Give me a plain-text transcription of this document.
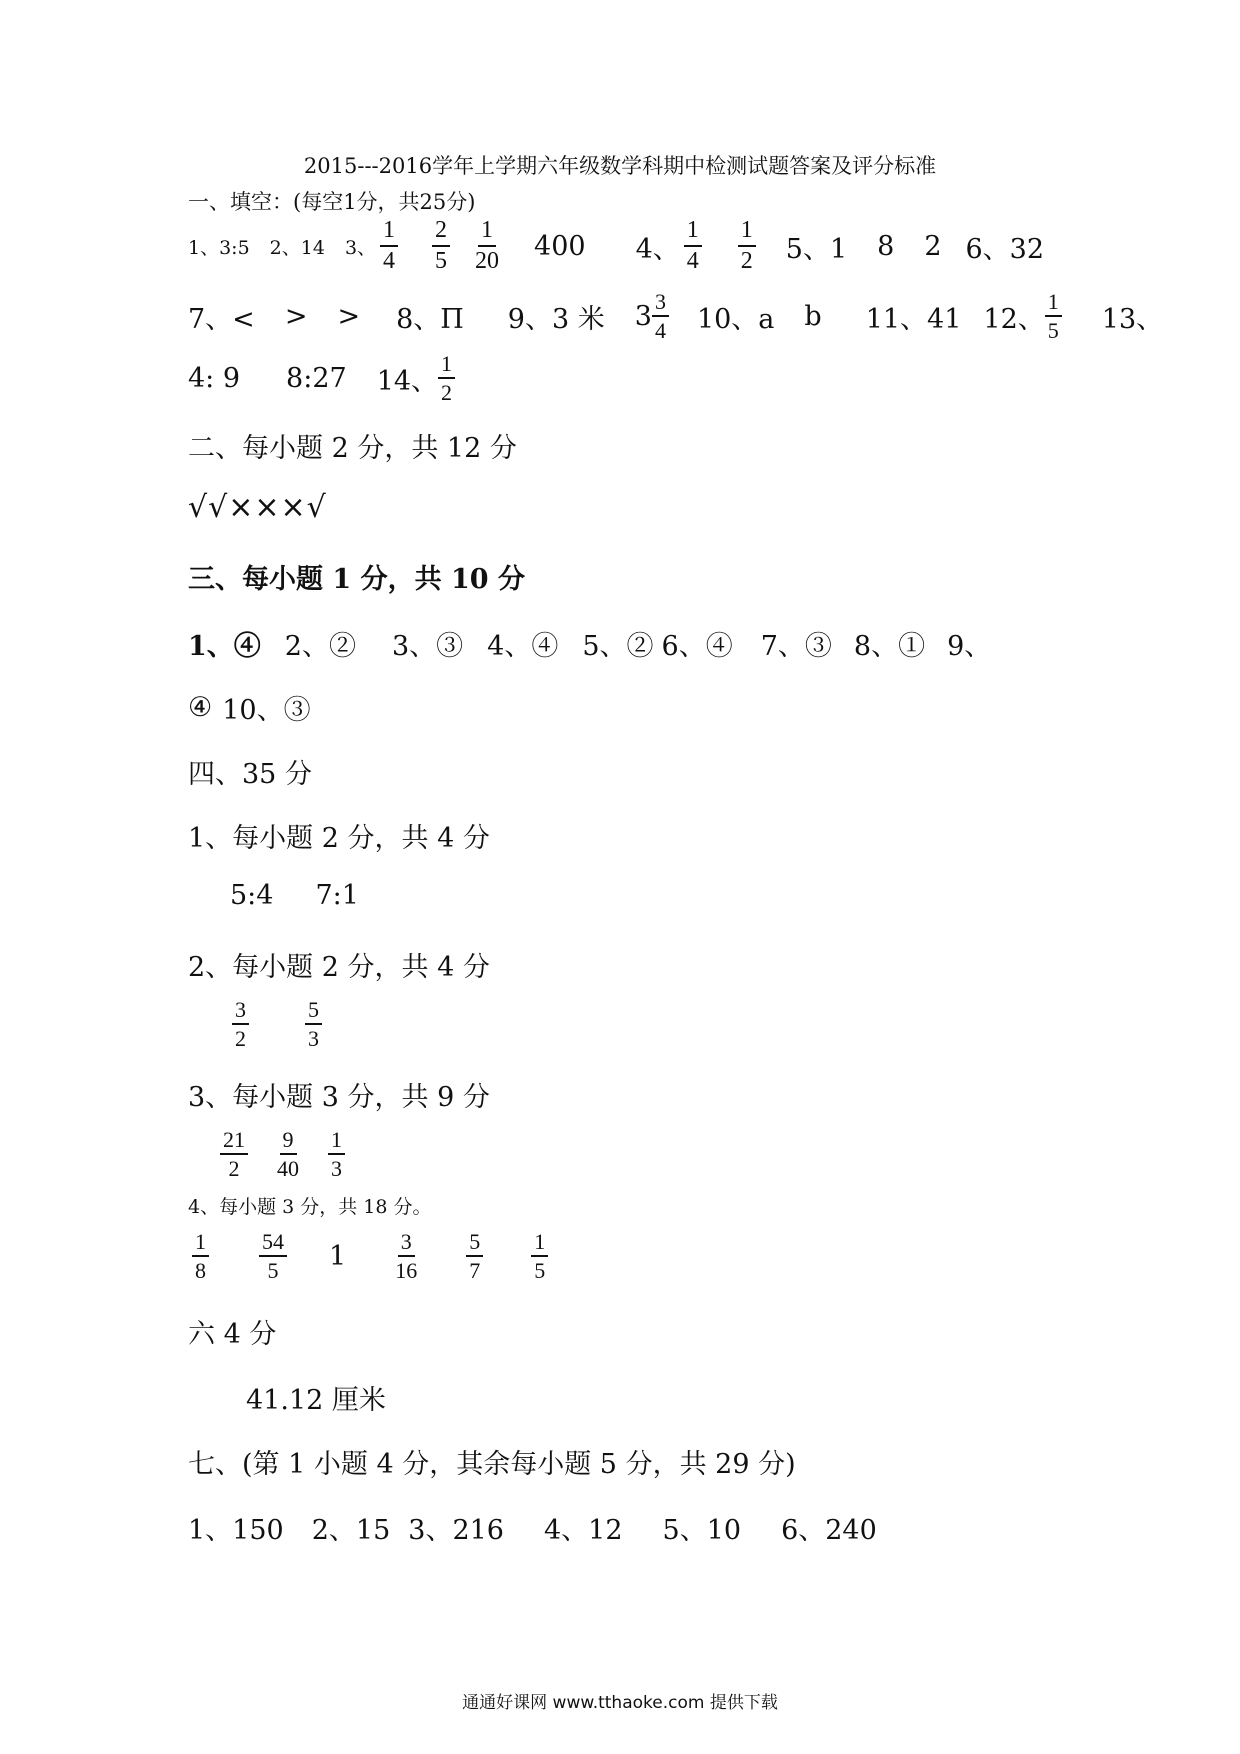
2015---2016学年上学期六年级数学科期中检测试题答案及评分标准
一、填空：(每空1分，共25分)
1、3:5 2、14 3、 $\frac{1}{4} \frac{2}{5} \frac{1}{20} 400$ 4、 $\frac{1}{4} \frac{1}{2} 5$、1 8 2 6、32
7、< > > 8、Π 9、3 米 $3 \frac{3}{4} 10$、a b 11、41 12、 $\frac{1}{5} 13$、
4: 9 8:27 14、 $\frac{1}{2}$
二、每小题 2 分，共 12 分
√√×××√
三、每小题 1 分，共 10 分
1、④ 2、② 3、③ 4、④ 5、② 6、④ 7、③ 8、① 9、
④ 10、③
四、35 分
1、每小题 2 分，共 4 分
5:4 7:1
2、每小题 2 分，共 4 分
$\frac{3}{2}$	$\frac{5}{3}$
3、每小题 3 分，共 9 分
$\frac{21}{2} \frac{9}{40} \frac{1}{3}$
4、每小题 3 分，共 18 分。
$\frac{1}{8} \frac{54}{5} 1 \frac{3}{16} \frac{5}{7} \frac{1}{5}$
六 4 分
41.12 厘米
七、(第 1 小题 4 分，其余每小题 5 分，共 29 分)
1、150 2、15 3、216 4、12 5、10 6、240
通通好课网 www.tthaoke.com 提供下载
